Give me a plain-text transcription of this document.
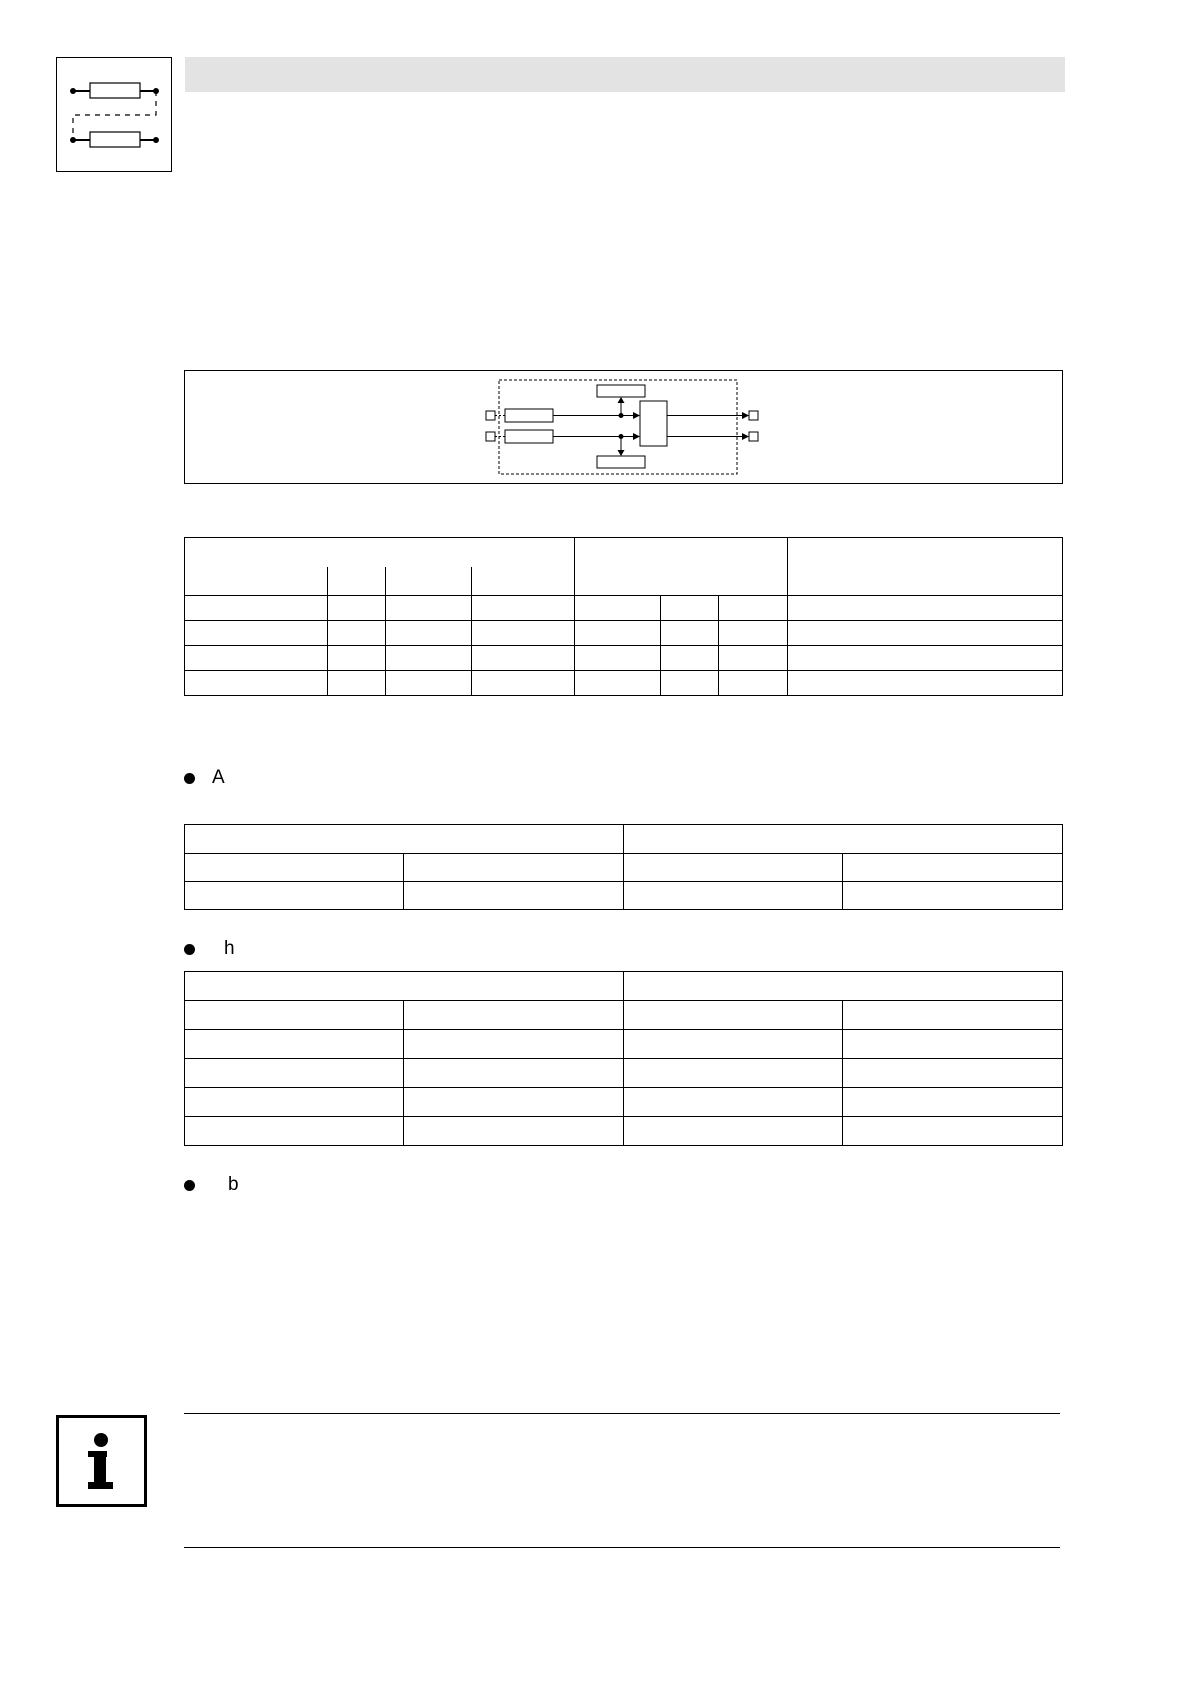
A

h

b
